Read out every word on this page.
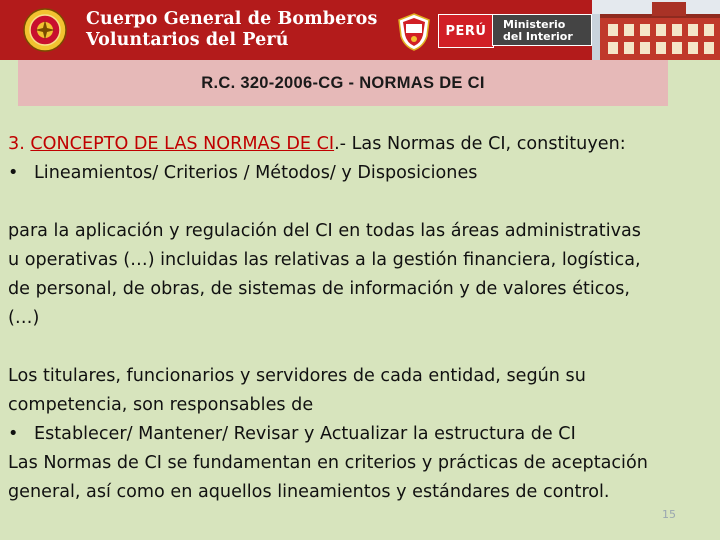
Cuerpo General de Bomberos
Voluntarios del Perú	PERÚ Ministerio
del Interior
R.C. 320-2006-CG - NORMAS DE CI
3. CONCEPTO DE LAS NORMAS DE CI.- Las Normas de CI, constituyen:
• Lineamientos/ Criterios / Métodos/ y Disposiciones
para la aplicación y regulación del CI en todas las áreas administrativas
u operativas (…) incluidas las relativas a la gestión financiera, logística,
de personal, de obras, de sistemas de información y de valores éticos,
(…)
Los titulares, funcionarios y servidores de cada entidad, según su
competencia, son responsables de
• Establecer/ Mantener/ Revisar y Actualizar la estructura de CI
Las Normas de CI se fundamentan en criterios y prácticas de aceptación
general, así como en aquellos lineamientos y estándares de control.
15
